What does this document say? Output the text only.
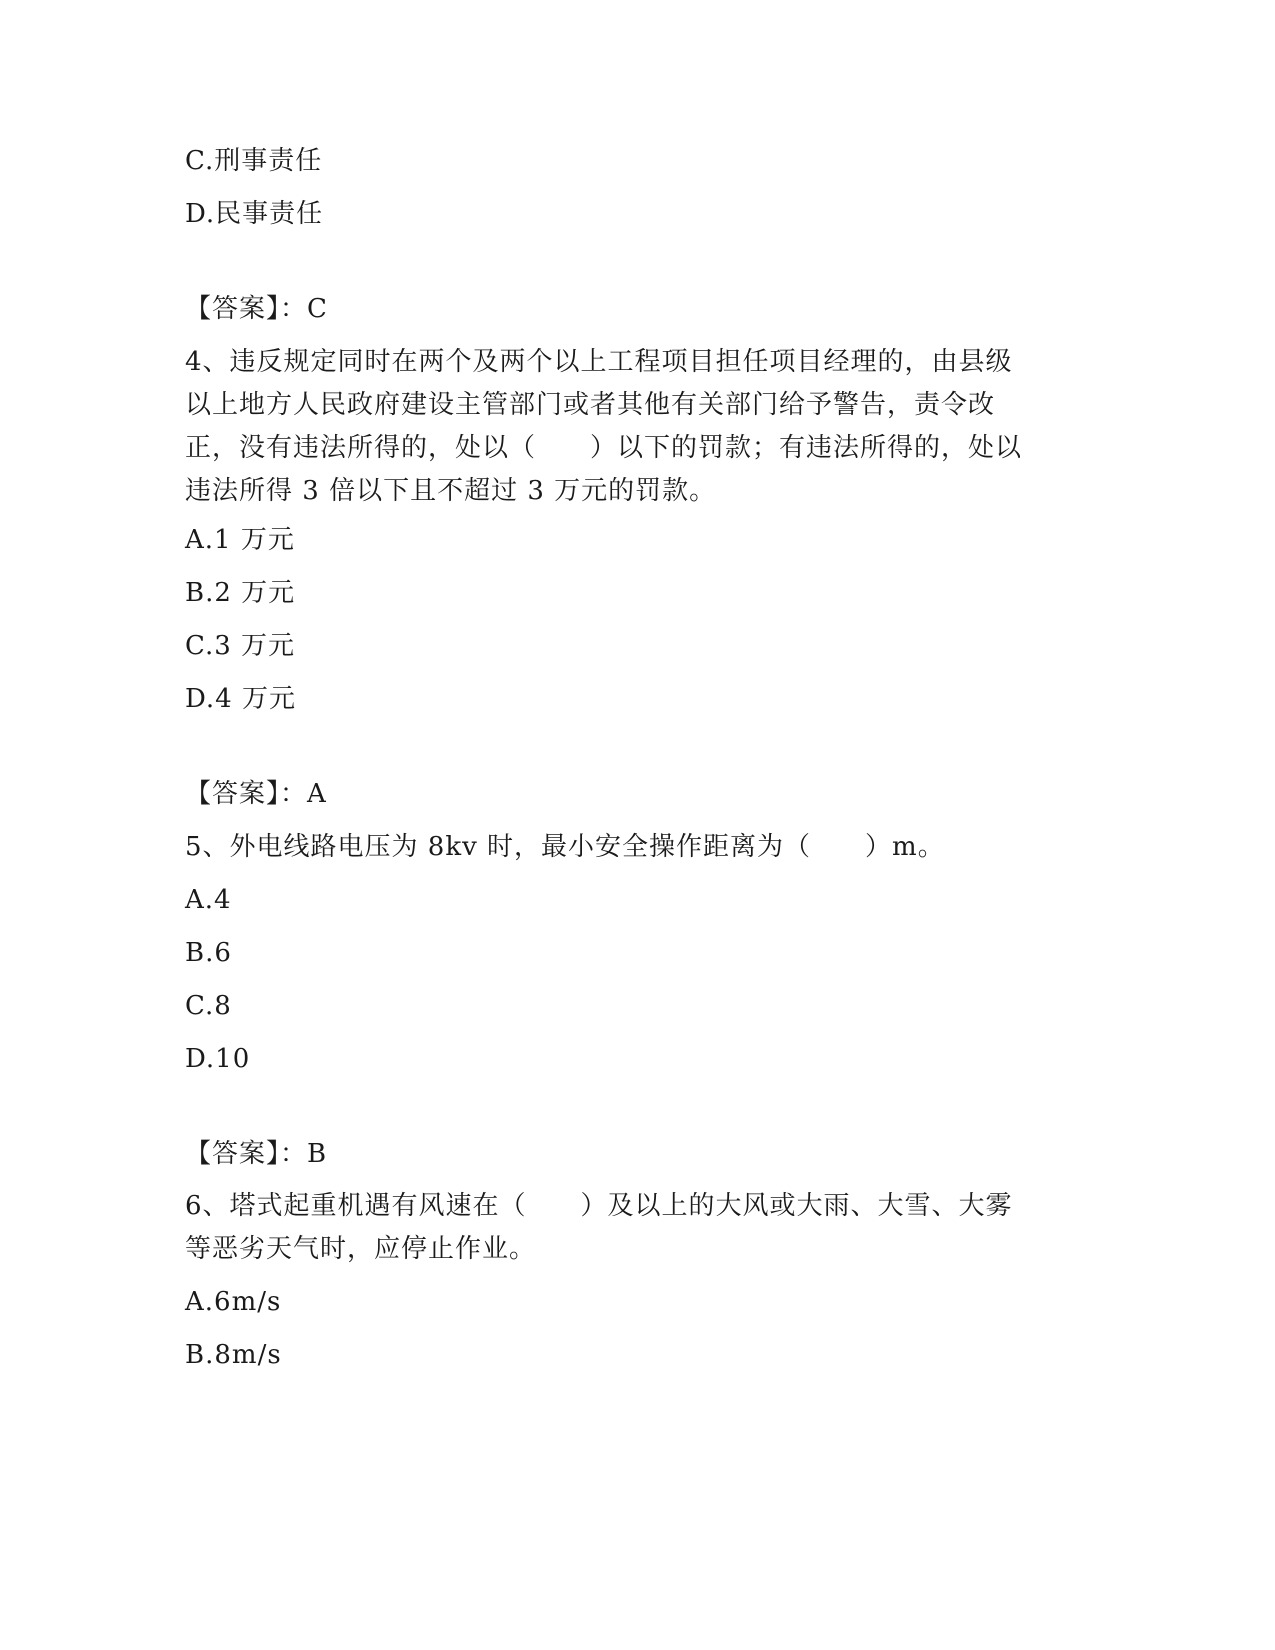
C.刑事责任
D.民事责任
【答案】：C
4、违反规定同时在两个及两个以上工程项目担任项目经理的，由县级
以上地方人民政府建设主管部门或者其他有关部门给予警告，责令改
正，没有违法所得的，处以（　　）以下的罚款；有违法所得的，处以
违法所得 3 倍以下且不超过 3 万元的罚款。
A.1 万元
B.2 万元
C.3 万元
D.4 万元
【答案】：A
5、外电线路电压为 8kv 时，最小安全操作距离为（　　）m。
A.4
B.6
C.8
D.10
【答案】：B
6、塔式起重机遇有风速在（　　）及以上的大风或大雨、大雪、大雾
等恶劣天气时，应停止作业。
A.6m/s
B.8m/s
